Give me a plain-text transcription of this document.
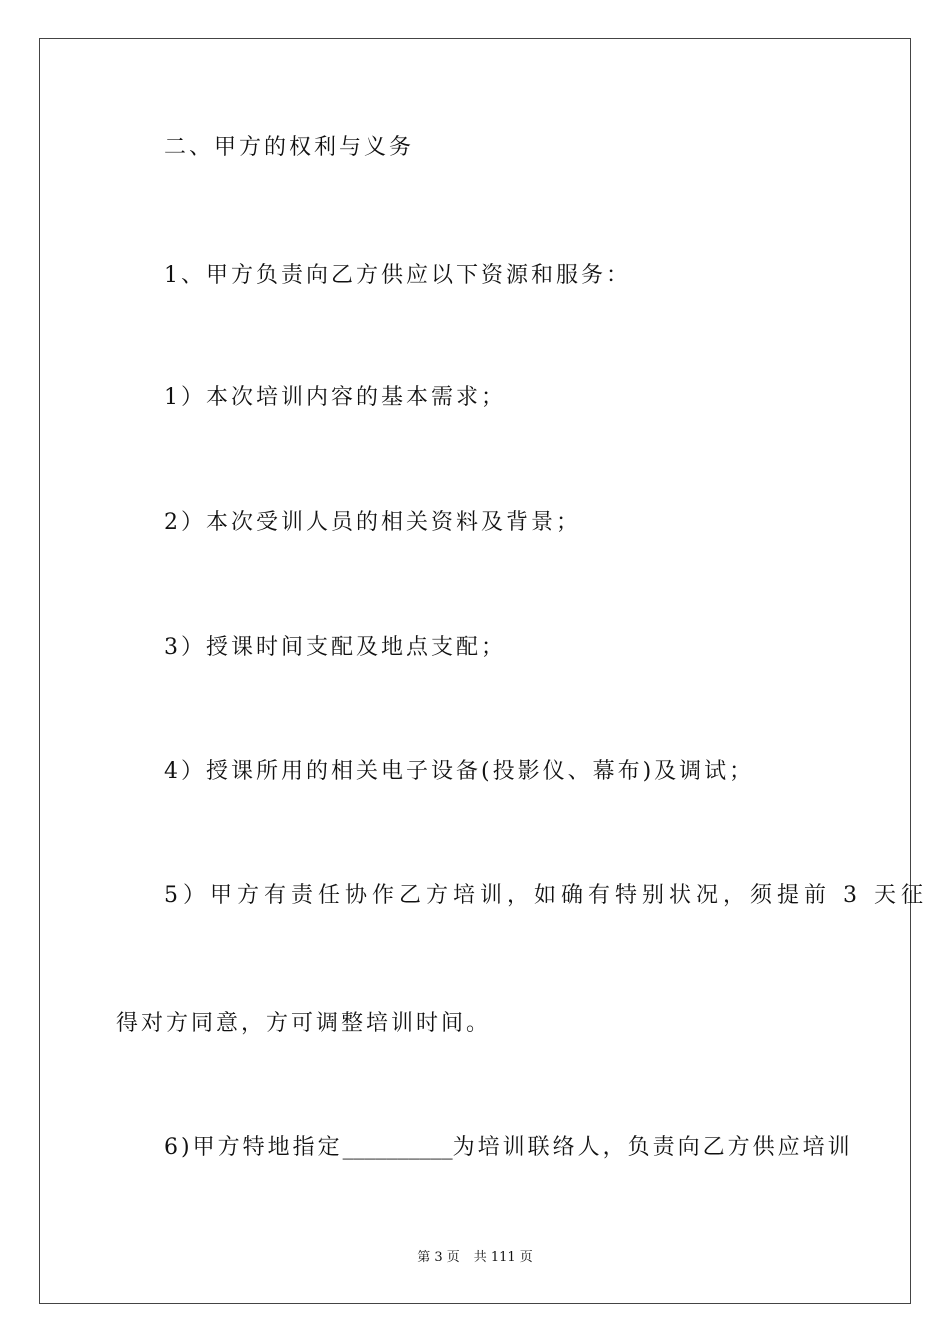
二、甲方的权利与义务
1、甲方负责向乙方供应以下资源和服务：
1）本次培训内容的基本需求；
2）本次受训人员的相关资料及背景；
3）授课时间支配及地点支配；
4）授课所用的相关电子设备(投影仪、幕布)及调试；
5）甲方有责任协作乙方培训，如确有特别状况，须提前 3 天征
得对方同意，方可调整培训时间。
6)甲方特地指定__________为培训联络人，负责向乙方供应培训
第 3 页 共 111 页
